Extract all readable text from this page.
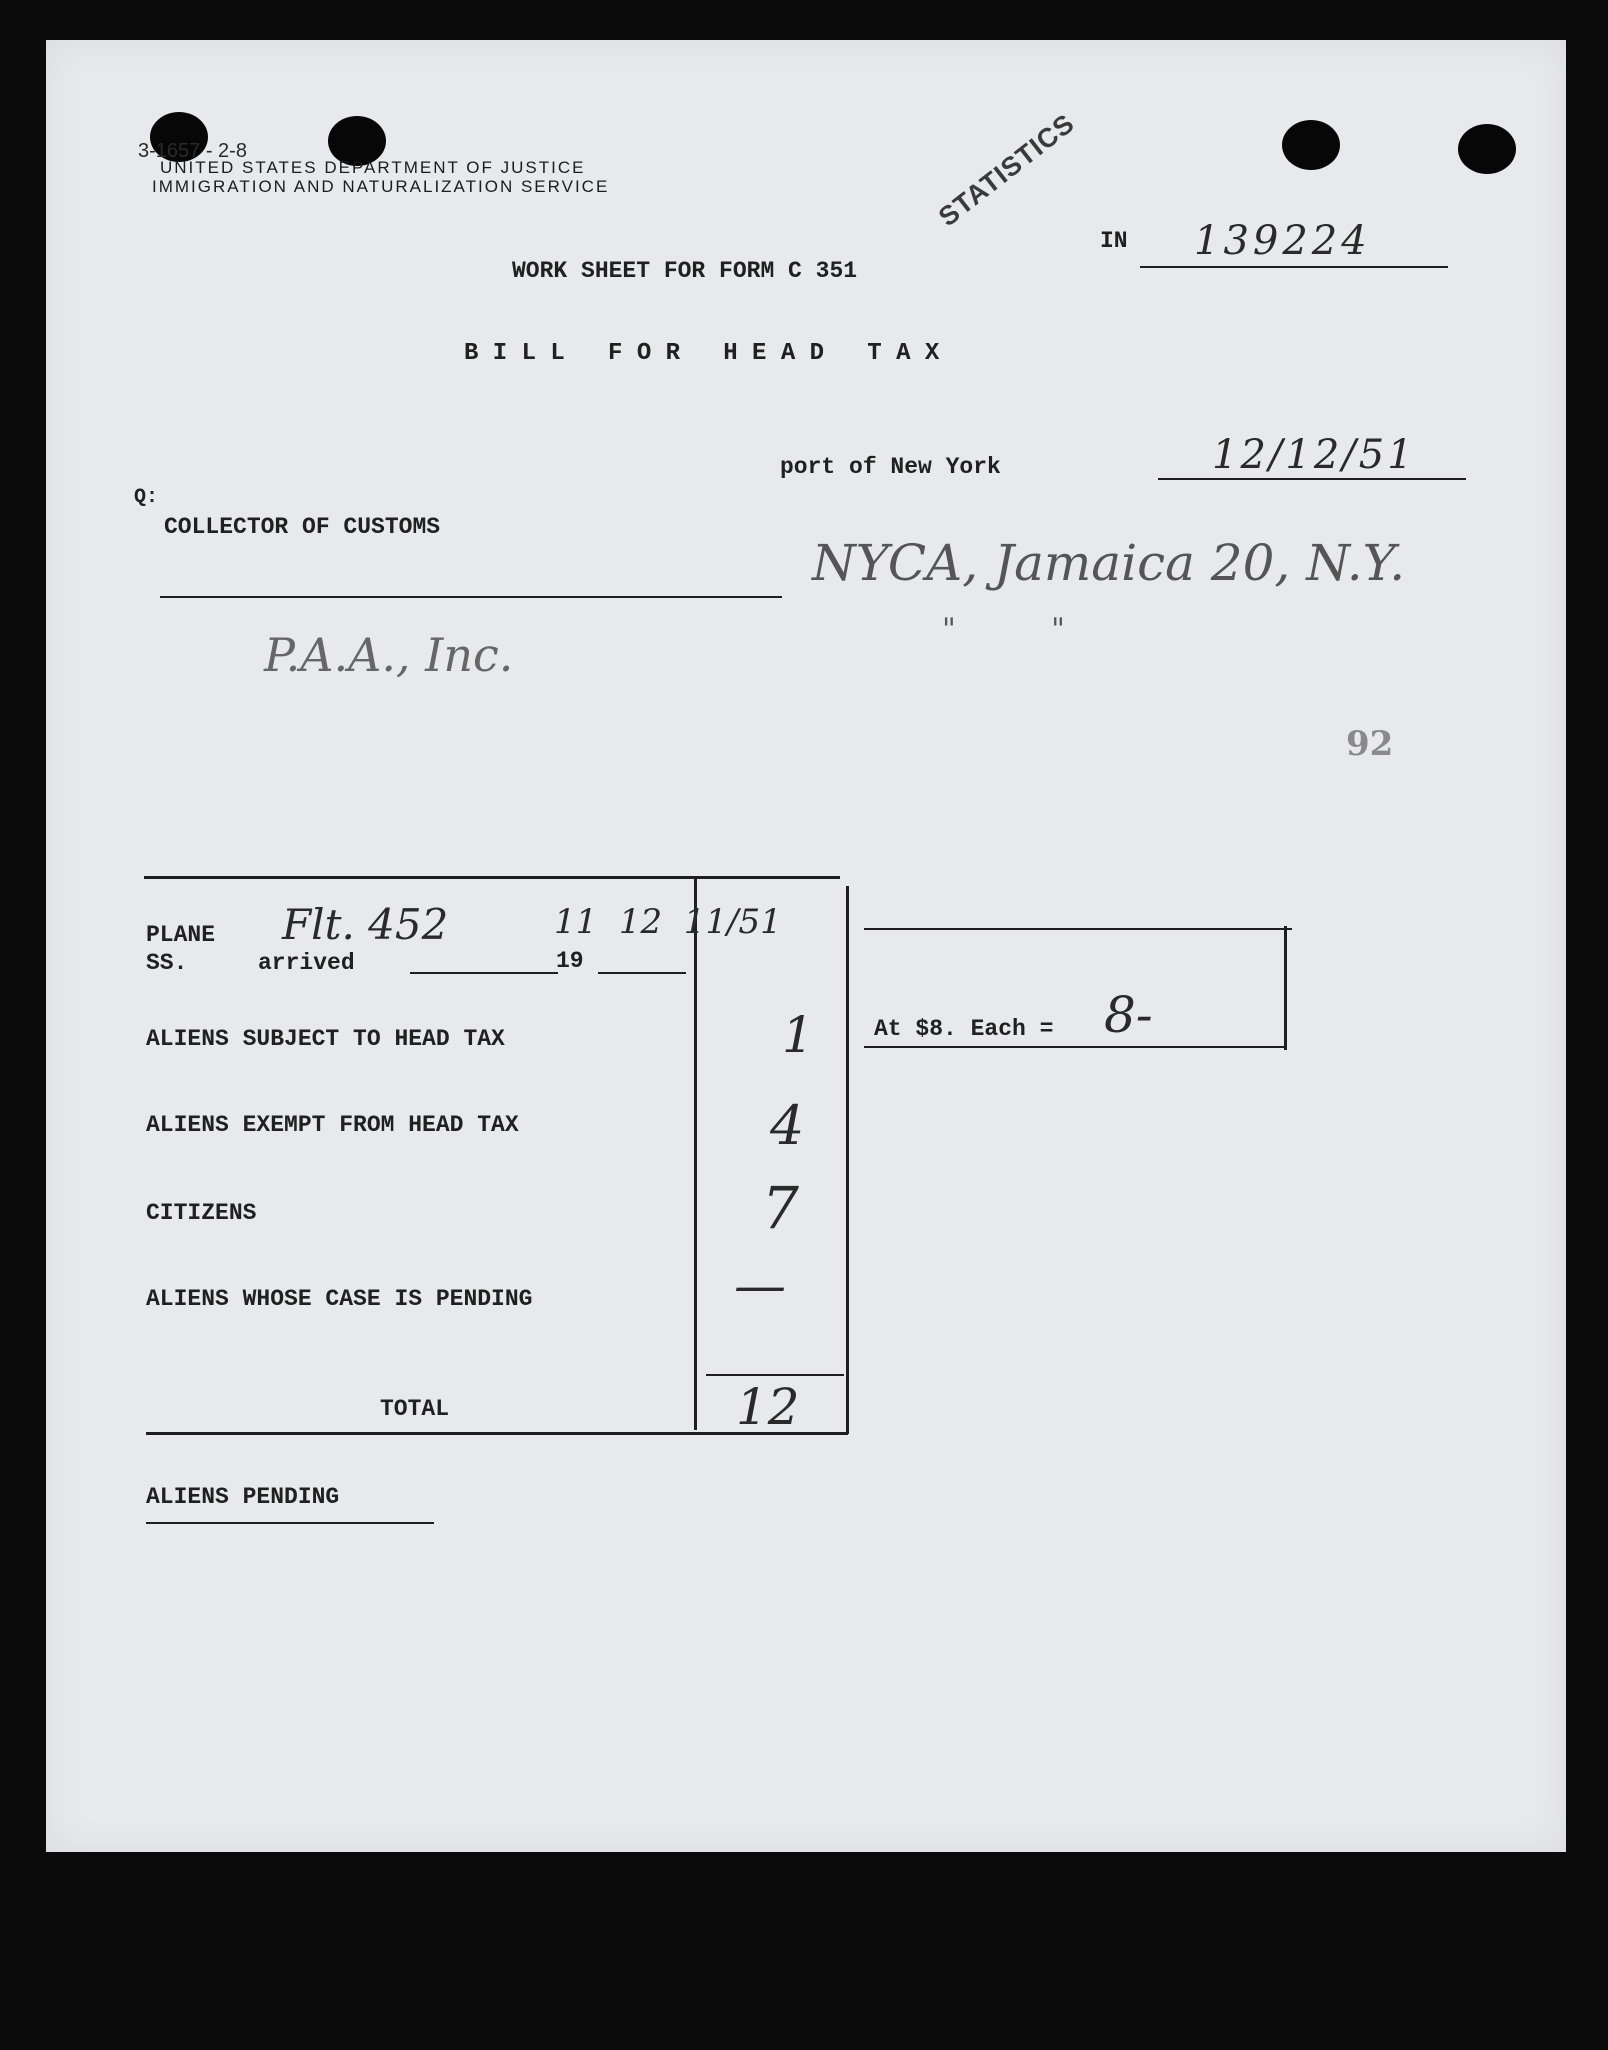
3-1657 - 2-8
UNITED STATES DEPARTMENT OF JUSTICE
IMMIGRATION AND NATURALIZATION SERVICE	STATISTICS
IN 139224
WORK SHEET FOR FORM C 351
B I L L   F O R   H E A D   T A X
port of New York	12/12/51
Q:
COLLECTOR OF CUSTOMS
NYCA, Jamaica 20, N.Y.
"          "
P.A.A., Inc.
92
PLANE
SS.	arrived	19
Flt. 452	11  12  11/51
ALIENS SUBJECT TO HEAD TAX	1
ALIENS EXEMPT FROM HEAD TAX	4
CITIZENS	7
ALIENS WHOSE CASE IS PENDING	—
TOTAL	12
At $8. Each = 8-
ALIENS PENDING
